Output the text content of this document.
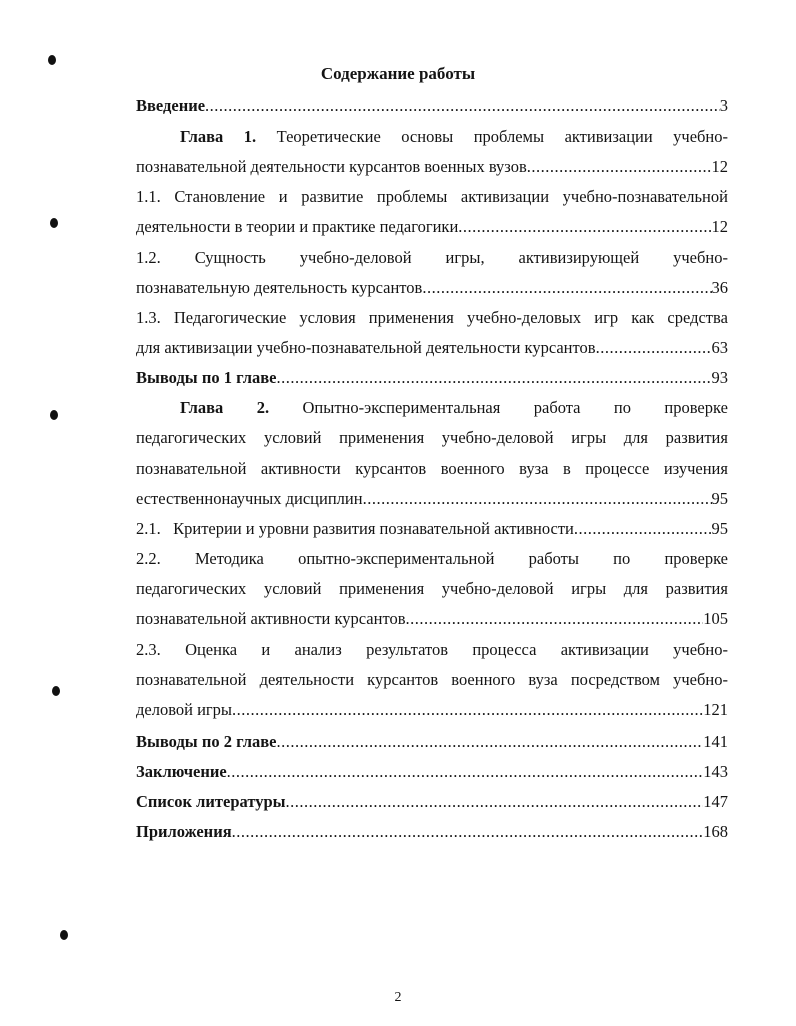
Содержание работы
Введение .....	3
Глава 1. Теоретические основы проблемы активизации учебно-
познавательной деятельности курсантов военных вузов .....	12
1.1. Становление и развитие проблемы активизации учебно-познавательной
деятельности в теории и практике педагогики .....	12
1.2. Сущность учебно-деловой игры, активизирующей учебно-
познавательную деятельность курсантов .....	36
1.3. Педагогические условия применения учебно-деловых игр как средства
для активизации учебно-познавательной деятельности курсантов .....	63
Выводы по 1 главе .....	93
Глава 2. Опытно-экспериментальная работа по проверке
педагогических условий применения учебно-деловой игры для развития
познавательной активности курсантов военного вуза в процессе изучения
естественнонаучных дисциплин .....	95
2.1.   Критерии и уровни развития познавательной активности .....	95
2.2. Методика опытно-экспериментальной работы по проверке
педагогических условий применения учебно-деловой игры для развития
познавательной активности курсантов .....	105
2.3. Оценка и анализ результатов процесса активизации учебно-
познавательной деятельности курсантов военного вуза посредством учебно-
деловой игры .....	121
Выводы по 2 главе .....	141
Заключение .....	143
Список литературы .....	147
Приложения .....	168
2
